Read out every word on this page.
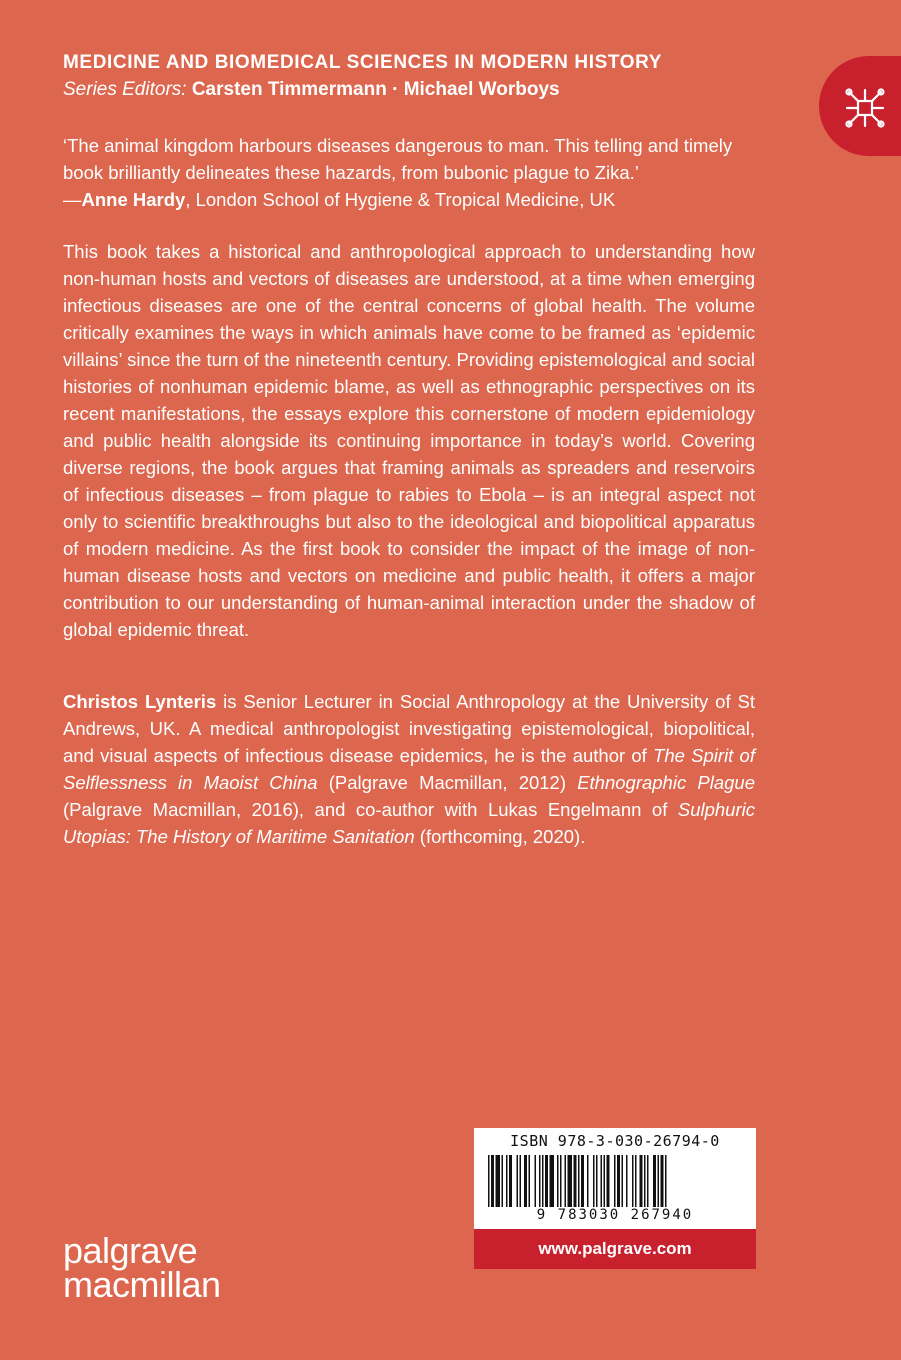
MEDICINE AND BIOMEDICAL SCIENCES IN MODERN HISTORY
Series Editors: Carsten Timmermann · Michael Worboys
‘The animal kingdom harbours diseases dangerous to man. This telling and timely book brilliantly delineates these hazards, from bubonic plague to Zika.’
—Anne Hardy, London School of Hygiene & Tropical Medicine, UK

This book takes a historical and anthropological approach to understanding how non-human hosts and vectors of diseases are understood, at a time when emerging infectious diseases are one of the central concerns of global health. The volume critically examines the ways in which animals have come to be framed as ‘epidemic villains’ since the turn of the nineteenth century. Providing epistemological and social histories of nonhuman epidemic blame, as well as ethnographic perspectives on its recent manifestations, the essays explore this cornerstone of modern epidemiology and public health alongside its continuing importance in today’s world. Covering diverse regions, the book argues that framing animals as spreaders and reservoirs of infectious diseases – from plague to rabies to Ebola – is an integral aspect not only to scientific breakthroughs but also to the ideological and biopolitical apparatus of modern medicine. As the first book to consider the impact of the image of non-human disease hosts and vectors on medicine and public health, it offers a major contribution to our understanding of human-animal interaction under the shadow of global epidemic threat.

Christos Lynteris is Senior Lecturer in Social Anthropology at the University of St Andrews, UK. A medical anthropologist investigating epistemological, biopolitical, and visual aspects of infectious disease epidemics, he is the author of The Spirit of Selflessness in Maoist China (Palgrave Macmillan, 2012) Ethnographic Plague (Palgrave Macmillan, 2016), and co-author with Lukas Engelmann of Sulphuric Utopias: The History of Maritime Sanitation (forthcoming, 2020).

ISBN 978-3-030-26794-0
9 783030 267940
www.palgrave.com
palgrave
macmillan
